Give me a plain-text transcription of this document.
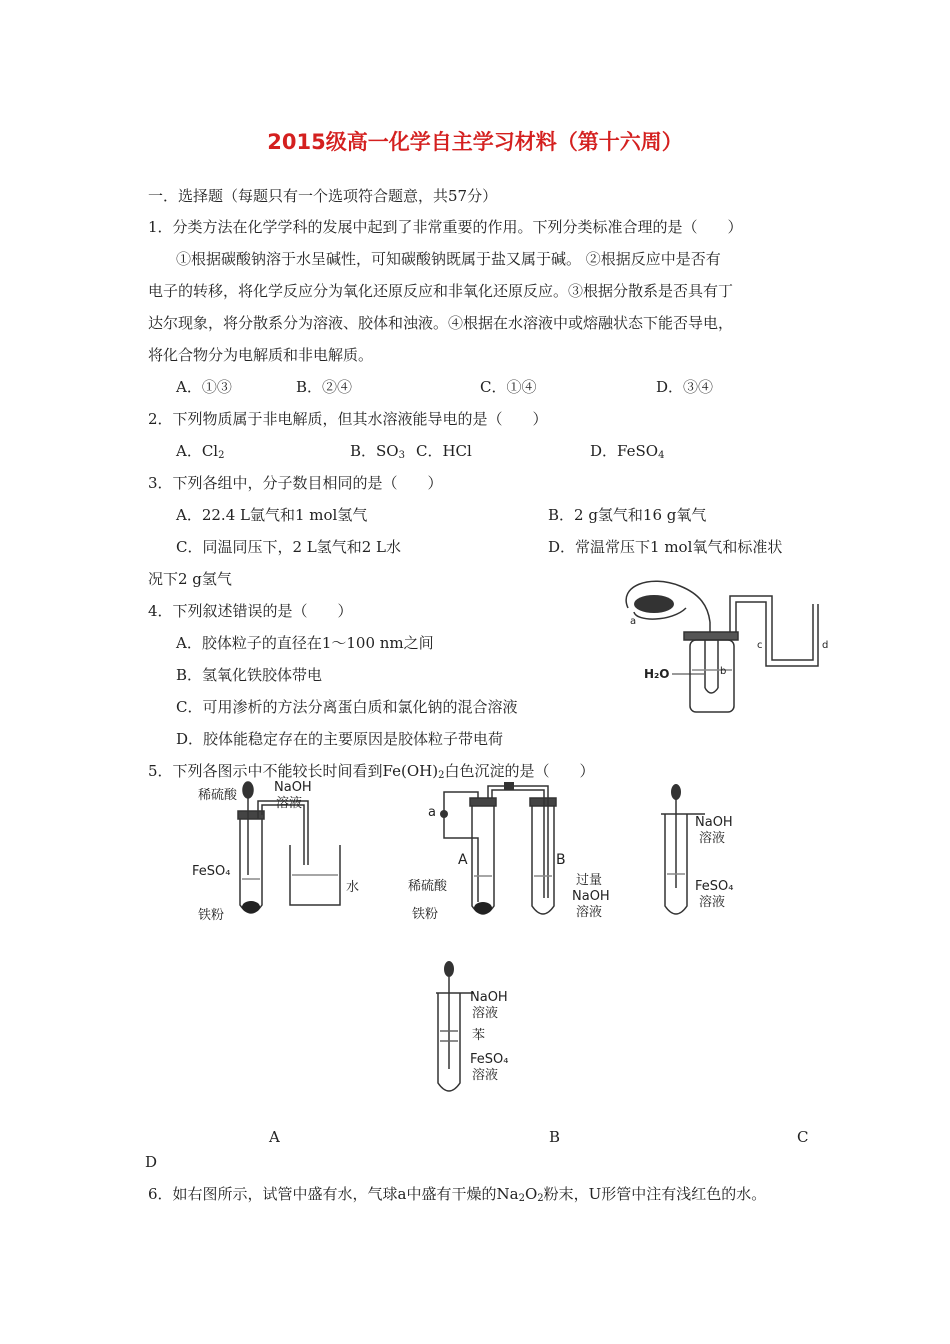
2015级高一化学自主学习材料（第十六周）
一．选择题（每题只有一个选项符合题意，共57分）
1．分类方法在化学学科的发展中起到了非常重要的作用。下列分类标准合理的是（　　）
①根据碳酸钠溶于水呈碱性，可知碳酸钠既属于盐又属于碱。 ②根据反应中是否有
电子的转移，将化学反应分为氧化还原反应和非氧化还原反应。③根据分散系是否具有丁
达尔现象，将分散系分为溶液、胶体和浊液。④根据在水溶液中或熔融状态下能否导电，
将化合物分为电解质和非电解质。
A．①③	B．②④	C．①④	D．③④
2．下列物质属于非电解质，但其水溶液能导电的是（　　）
A．$Cl_2$	B．$SO_3$ C．HCl	D．FeSO$_4$
3．下列各组中，分子数目相同的是（　　）
A．22.4 L氩气和1 mol氢气	B．2 g氢气和16 g氧气
C．同温同压下，2 L氢气和2 L水	D．常温常压下1 mol氧气和标准状
况下2 g氢气
4．下列叙述错误的是（　　）
A．胶体粒子的直径在1～100 nm之间
B．氢氧化铁胶体带电
C．可用渗析的方法分离蛋白质和氯化钠的混合溶液
D．胶体能稳定存在的主要原因是胶体粒子带电荷
5．下列各图示中不能较长时间看到$Fe(OH)_2$白色沉淀的是（　　）
a
b
c	d
H₂O
稀硫酸
NaOH
溶液
FeSO₄
铁粉
水
a
A	B
稀硫酸
铁粉
过量
NaOH
溶液
NaOH
溶液
FeSO₄
溶液
NaOH
溶液
苯
FeSO₄
溶液
A	B	C
D
6．如右图所示，试管中盛有水，气球a中盛有干燥的$Na_2O_2$粉末，U形管中注有浅红色的水。
